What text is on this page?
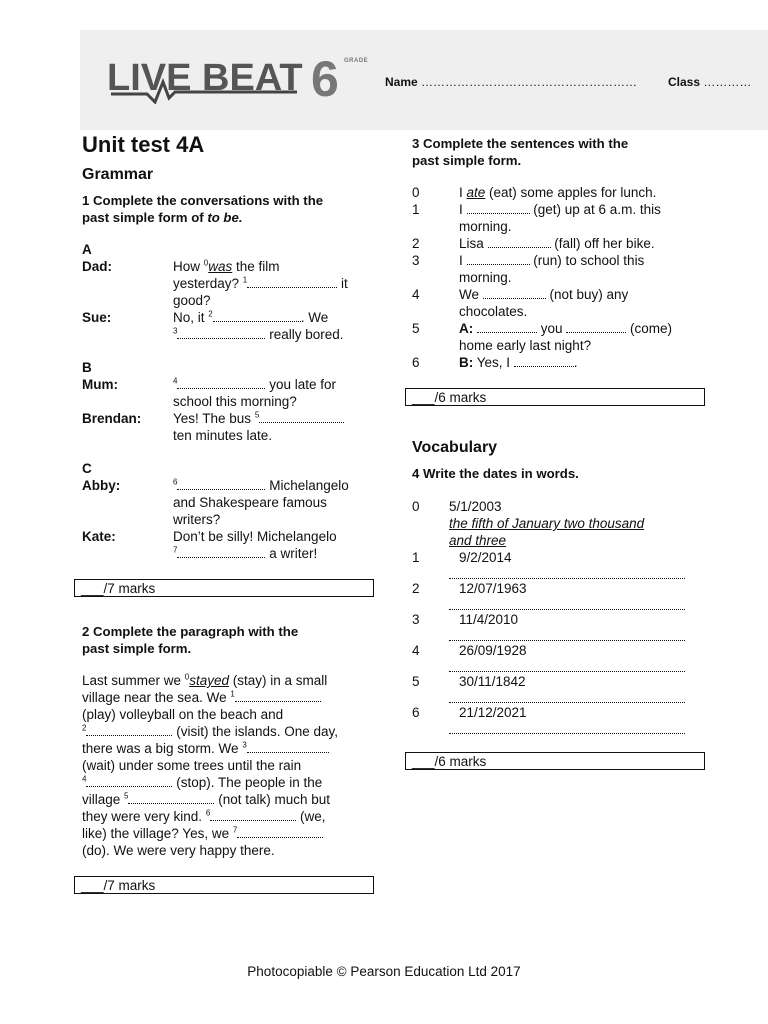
LIVE BEAT 6 GRADE
Name ………………………………………………	Class …………
Unit test 4A
Grammar
1 Complete the conversations with the
past simple form of to be.
A
Dad:	How $^0$was the film
yesterday? $^1$	it
good?
Sue:	No, it $^2$	. We
$^3$	really bored.
B
Mum:	$^4$	you late for
school this morning?
Brendan: Yes! The bus $^5$
ten minutes late.
C
Abby:	$^6$	Michelangelo
and Shakespeare famous
writers?
Kate:	Don’t be silly! Michelangelo
$^7$	a writer!
___/7 marks
2 Complete the paragraph with the
past simple form.
Last summer we $^0$stayed (stay) in a small
village near the sea. We $^1$
(play) volleyball on the beach and
$^2$	(visit) the islands. One day,
there was a big storm. We $^3$
(wait) under some trees until the rain
$^4$	(stop). The people in the
village $^5$	(not talk) much but
they were very kind. $^6$	(we,
like) the village? Yes, we $^7$
(do). We were very happy there.
___/7 marks
3 Complete the sentences with the
past simple form.
0	I ate (eat) some apples for lunch.
1	I	(get) up at 6 a.m. this
morning.
2	Lisa	(fall) off her bike.
3	I	(run) to school this
morning.
4	We	(not buy) any
chocolates.
5	A:	you	(come)
home early last night?
6	B: Yes, I	.
___/6 marks
Vocabulary
4 Write the dates in words.
0 5/1/2003
the fifth of January two thousand
and three
1	9/2/2014
2	12/07/1963
3	11/4/2010
4	26/09/1928
5	30/11/1842
6	21/12/2021
___/6 marks
Photocopiable © Pearson Education Ltd 2017
